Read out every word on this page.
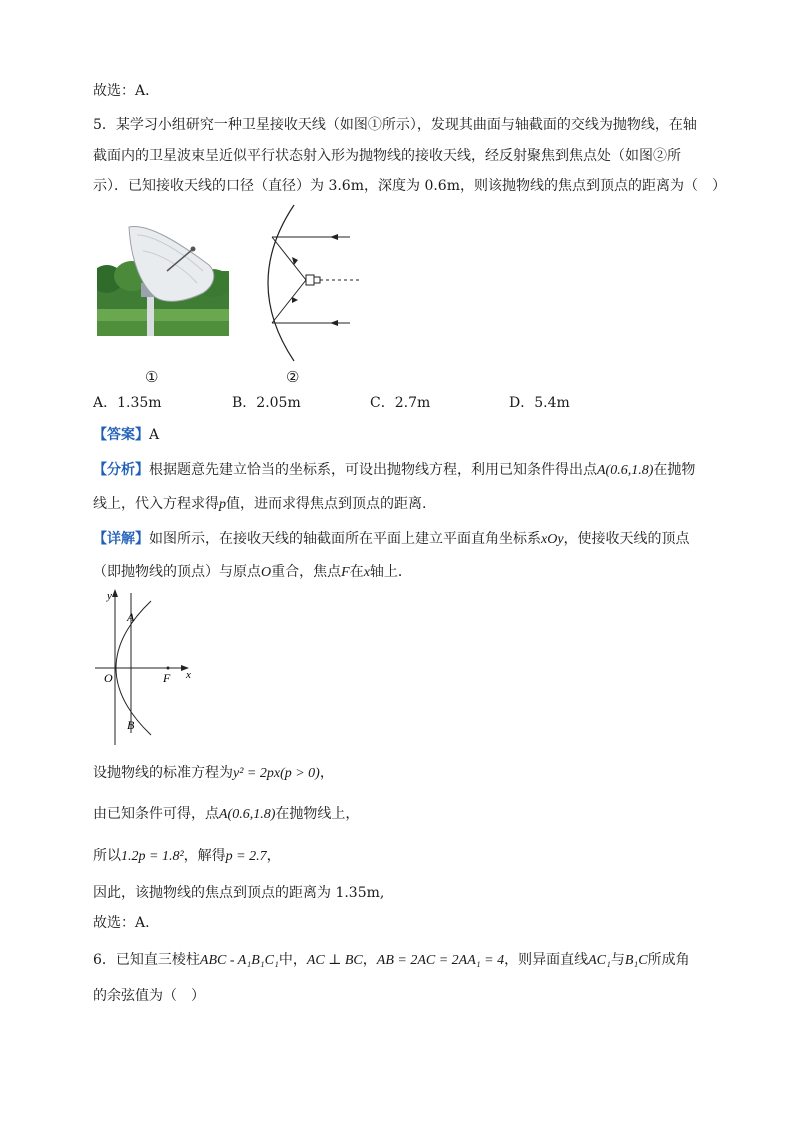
故选：A．
5．某学习小组研究一种卫星接收天线（如图①所示），发现其曲面与轴截面的交线为抛物线，在轴
截面内的卫星波束呈近似平行状态射入形为抛物线的接收天线，经反射聚焦到焦点处（如图②所
示）．已知接收天线的口径（直径）为 3.6m，深度为 0.6m，则该抛物线的焦点到顶点的距离为（　）
①	②
A．1.35m	B．2.05m	C．2.7m	D．5.4m
【答案】A
【分析】根据题意先建立恰当的坐标系，可设出抛物线方程，利用已知条件得出点A(0.6,1.8)在抛物
线上，代入方程求得p值，进而求得焦点到顶点的距离.
【详解】如图所示，在接收天线的轴截面所在平面上建立平面直角坐标系xOy，使接收天线的顶点
（即抛物线的顶点）与原点O重合，焦点F在x轴上．
y
x
O
A
B
F
设抛物线的标准方程为y² = 2px(p > 0)，
由已知条件可得，点A(0.6,1.8)在抛物线上，
所以1.2p = 1.8²，解得p = 2.7，
因此，该抛物线的焦点到顶点的距离为 1.35m,
故选：A.
6．已知直三棱柱ABC - A₁B₁C₁中，AC ⊥ BC，AB = 2AC = 2AA₁ = 4，则异面直线AC₁与B₁C所成角
的余弦值为（　）
